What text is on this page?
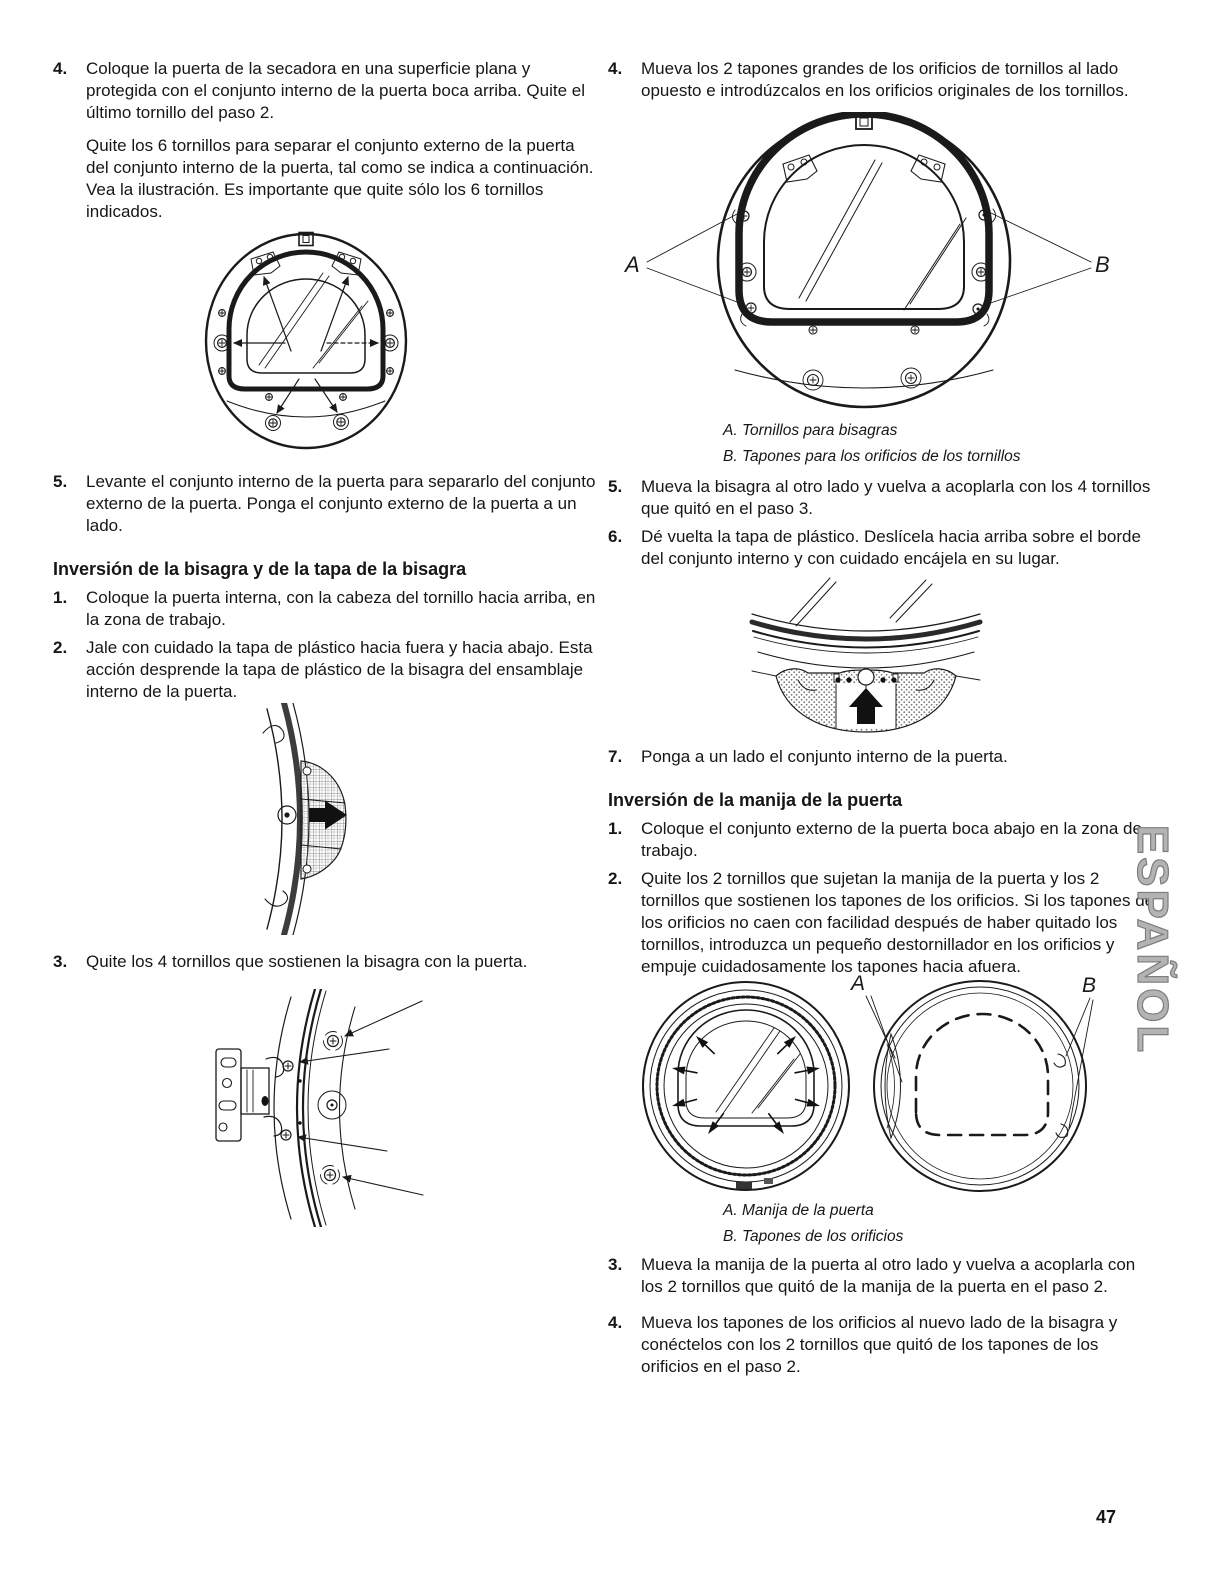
4.	Coloque la puerta de la secadora en una superficie plana y protegida con el conjunto interno de la puerta boca arriba. Quite el último tornillo del paso 2.

Quite los 6 tornillos para separar el conjunto externo de la puerta del conjunto interno de la puerta, tal como se indica a continuación. Vea la ilustración. Es importante que quite sólo los 6 tornillos indicados.

5.	Levante el conjunto interno de la puerta para separarlo del conjunto externo de la puerta. Ponga el conjunto externo de la puerta a un lado.

Inversión de la bisagra y de la tapa de la bisagra
1.	Coloque la puerta interna, con la cabeza del tornillo hacia arriba, en la zona de trabajo.

2.	Jale con cuidado la tapa de plástico hacia fuera y hacia abajo. Esta acción desprende la tapa de plástico de la bisagra del ensamblaje interno de la puerta.

3.	Quite los 4 tornillos que sostienen la bisagra con la puerta.

4.	Mueva los 2 tapones grandes de los orificios de tornillos al lado opuesto e introdúzcalos en los orificios originales de los tornillos.

A	B
A. Tornillos para bisagras
B. Tapones para los orificios de los tornillos
5.	Mueva la bisagra al otro lado y vuelva a acoplarla con los 4 tornillos que quitó en el paso 3.

6.	Dé vuelta la tapa de plástico. Deslícela hacia arriba sobre el borde del conjunto interno y con cuidado encájela en su lugar.

7.	Ponga a un lado el conjunto interno de la puerta.

Inversión de la manija de la puerta
1.	Coloque el conjunto externo de la puerta boca abajo en la zona de trabajo.

2.	Quite los 2 tornillos que sujetan la manija de la puerta y los 2 tornillos que sostienen los tapones de los orificios. Si los tapones de los orificios no caen con facilidad después de haber quitado los tornillos, introduzca un pequeño destornillador en los orificios y empuje cuidadosamente los tapones hacia afuera.

A	B
A. Manija de la puerta
B. Tapones de los orificios
3.	Mueva la manija de la puerta al otro lado y vuelva a acoplarla con los 2 tornillos que quitó de la manija de la puerta en el paso 2.

4.	Mueva los tapones de los orificios al nuevo lado de la bisagra y conéctelos con los 2 tornillos que quitó de los tapones de los orificios en el paso 2.

ESPAÑOL
47
